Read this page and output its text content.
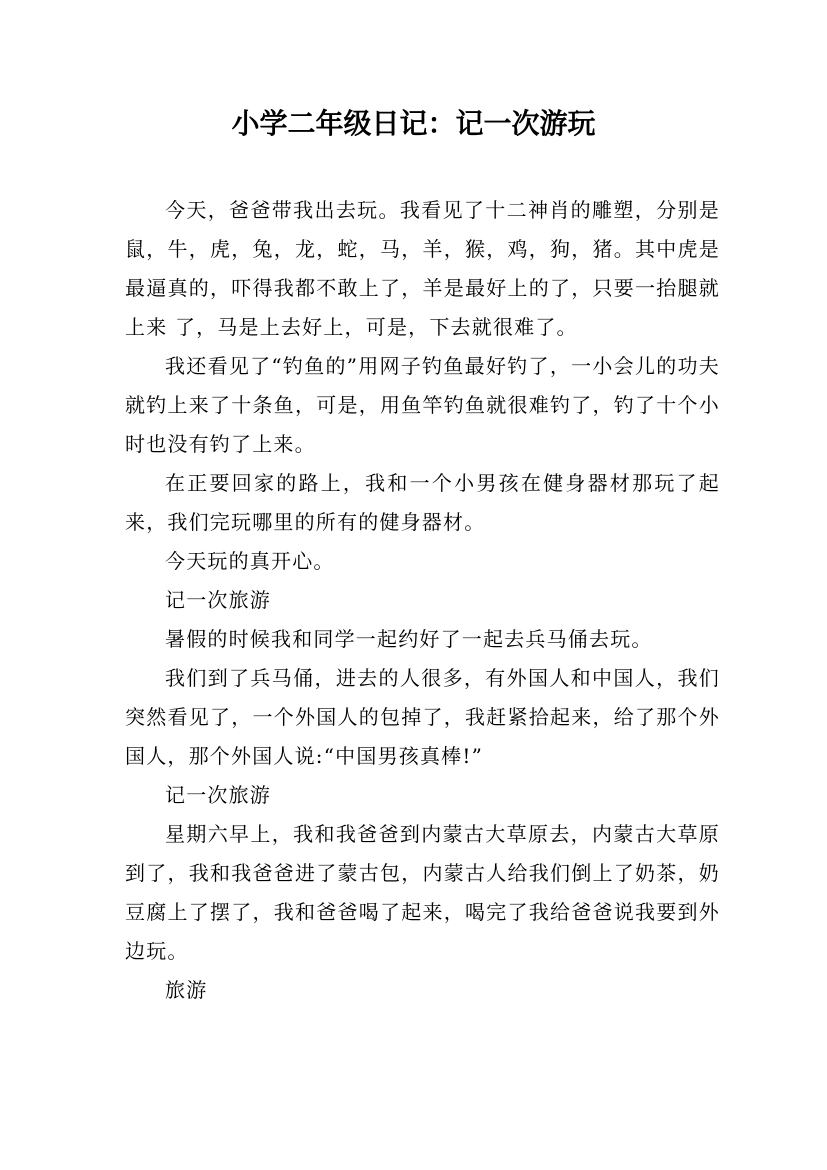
小学二年级日记：记一次游玩

今天，爸爸带我出去玩。我看见了十二神肖的雕塑，分别是鼠，牛，虎，兔，龙，蛇，马，羊，猴，鸡，狗，猪。其中虎是最逼真的，吓得我都不敢上了，羊是最好上的了，只要一抬腿就上来 了，马是上去好上，可是，下去就很难了。

我还看见了“钓鱼的”用网子钓鱼最好钓了，一小会儿的功夫就钓上来了十条鱼，可是，用鱼竿钓鱼就很难钓了，钓了十个小时也没有钓了上来。

在正要回家的路上，我和一个小男孩在健身器材那玩了起来，我们完玩哪里的所有的健身器材。

今天玩的真开心。

记一次旅游

暑假的时候我和同学一起约好了一起去兵马俑去玩。

我们到了兵马俑，进去的人很多，有外国人和中国人，我们突然看见了，一个外国人的包掉了，我赶紧拾起来，给了那个外国人，那个外国人说:“中国男孩真棒!”

记一次旅游

星期六早上，我和我爸爸到内蒙古大草原去，内蒙古大草原到了，我和我爸爸进了蒙古包，内蒙古人给我们倒上了奶茶，奶豆腐上了摆了，我和爸爸喝了起来，喝完了我给爸爸说我要到外边玩。

旅游
